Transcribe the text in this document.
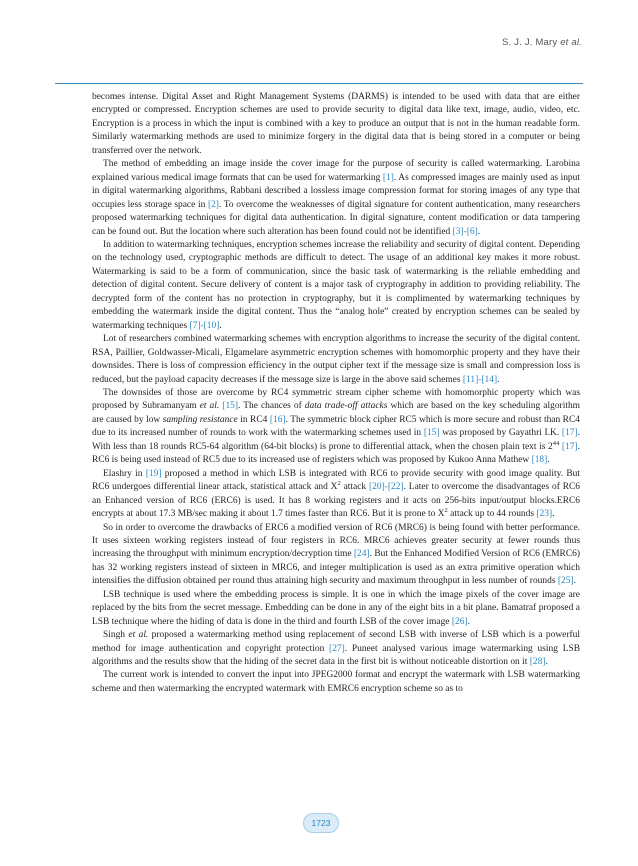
S. J. J. Mary et al.

becomes intense. Digital Asset and Right Management Systems (DARMS) is intended to be used with data that are either encrypted or compressed. Encryption schemes are used to provide security to digital data like text, image, audio, video, etc. Encryption is a process in which the input is combined with a key to produce an output that is not in the human readable form. Similarly watermarking methods are used to minimize forgery in the digital data that is being stored in a computer or being transferred over the network.

The method of embedding an image inside the cover image for the purpose of security is called watermarking. Larobina explained various medical image formats that can be used for watermarking [1]. As compressed images are mainly used as input in digital watermarking algorithms, Rabbani described a lossless image compression format for storing images of any type that occupies less storage space in [2]. To overcome the weaknesses of digital signature for content authentication, many researchers proposed watermarking techniques for digital data authentication. In digital signature, content modification or data tampering can be found out. But the location where such alteration has been found could not be identified [3]-[6].

In addition to watermarking techniques, encryption schemes increase the reliability and security of digital content. Depending on the technology used, cryptographic methods are difficult to detect. The usage of an additional key makes it more robust. Watermarking is said to be a form of communication, since the basic task of watermarking is the reliable embedding and detection of digital content. Secure delivery of content is a major task of cryptography in addition to providing reliability. The decrypted form of the content has no protection in cryptography, but it is complimented by watermarking techniques by embedding the watermark inside the digital content. Thus the “analog hole” created by encryption schemes can be sealed by watermarking techniques [7]-[10].

Lot of researchers combined watermarking schemes with encryption algorithms to increase the security of the digital content. RSA, Paillier, Goldwasser-Micali, Elgamelare asymmetric encryption schemes with homomorphic property and they have their downsides. There is loss of compression efficiency in the output cipher text if the message size is small and compression loss is reduced, but the payload capacity decreases if the message size is large in the above said schemes [11]-[14].

The downsides of those are overcome by RC4 symmetric stream cipher scheme with homomorphic property which was proposed by Subramanyam et al. [15]. The chances of data trade-off attacks which are based on the key scheduling algorithm are caused by low sampling resistance in RC4 [16]. The symmetric block cipher RC5 which is more secure and robust than RC4 due to its increased number of rounds to work with the watermarking schemes used in [15] was proposed by Gayathri I.K. [17]. With less than 18 rounds RC5-64 algorithm (64-bit blocks) is prone to differential attack, when the chosen plain text is $2^{44}$ [17]. RC6 is being used instead of RC5 due to its increased use of registers which was proposed by Kukoo Anna Mathew [18].

Elashry in [19] proposed a method in which LSB is integrated with RC6 to provide security with good image quality. But RC6 undergoes differential linear attack, statistical attack and $X^2$ attack [20]-[22]. Later to overcome the disadvantages of RC6 an Enhanced version of RC6 (ERC6) is used. It has 8 working registers and it acts on 256-bits input/output blocks.ERC6 encrypts at about 17.3 MB/sec making it about 1.7 times faster than RC6. But it is prone to $X^2$ attack up to 44 rounds [23].

So in order to overcome the drawbacks of ERC6 a modified version of RC6 (MRC6) is being found with better performance. It uses sixteen working registers instead of four registers in RC6. MRC6 achieves greater security at fewer rounds thus increasing the throughput with minimum encryption/decryption time [24]. But the Enhanced Modified Version of RC6 (EMRC6) has 32 working registers instead of sixteen in MRC6, and integer multiplication is used as an extra primitive operation which intensifies the diffusion obtained per round thus attaining high security and maximum throughput in less number of rounds [25].

LSB technique is used where the embedding process is simple. It is one in which the image pixels of the cover image are replaced by the bits from the secret message. Embedding can be done in any of the eight bits in a bit plane. Bamatraf proposed a LSB technique where the hiding of data is done in the third and fourth LSB of the cover image [26].

Singh et al. proposed a watermarking method using replacement of second LSB with inverse of LSB which is a powerful method for image authentication and copyright protection [27]. Puneet analysed various image watermarking using LSB algorithms and the results show that the hiding of the secret data in the first bit is without noticeable distortion on it [28].

The current work is intended to convert the input into JPEG2000 format and encrypt the watermark with LSB watermarking scheme and then watermarking the encrypted watermark with EMRC6 encryption scheme so as to

1723
